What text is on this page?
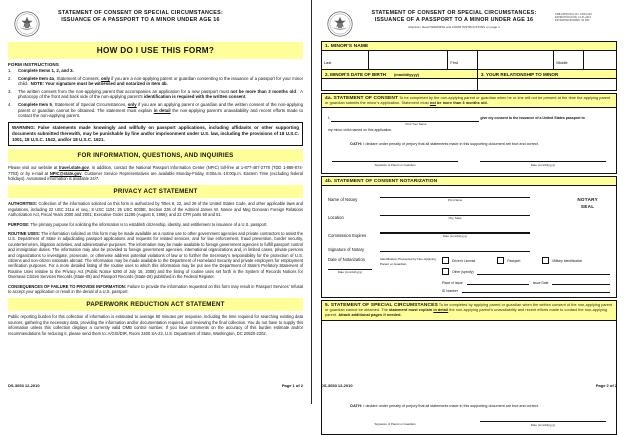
STATEMENT OF CONSENT OR SPECIAL CIRCUMSTANCES:
ISSUANCE OF A PASSPORT TO A MINOR UNDER AGE 16
HOW DO I USE THIS FORM?
FORM INSTRUCTIONS
1.	Complete Items 1, 2, and 3.
2.	Complete Item 4a, Statement of Consent, only if you are a non-applying parent or guardian consenting to the issuance of a passport for your minor child.  NOTE: Your signature must be witnessed and notarized in Item 4b.
3.	The written consent from the non-applying parent that accompanies an application for a new passport must not be more than 3 months old.  A photocopy of the front and back side of the non-applying parent's identification is required with the written consent.
4.	Complete Item 5, Statement of Special Circumstances, only if you are an applying parent or guardian and the written consent of the non-applying parent or guardian cannot be obtained. The statement must explain in detail the non-applying parent's unavailability and recent efforts made to contact the non-applying parent.
WARNING: False statements made knowingly and willfully on passport applications, including affidavits or other supporting documents submitted therewith, may be punishable by fine and/or imprisonment under U.S. law, including the provisions of 18 U.S.C. 1001, 18 U.S.C. 1542, and/or 18 U.S.C. 1621.
FOR INFORMATION, QUESTIONS, AND INQUIRIES

Please visit our website at travel.state.gov. In addition, contact the National Passport Information Center (NPIC) toll-free at 1-877-487-2778 (TDD 1-888-874-7793) or by e-mail at NPIC@state.gov. Customer Service Representatives are available Monday-Friday, 8:00a.m.-10:00p.m. Eastern Time (excluding federal holidays). Automated information is available 24/7.

PRIVACY ACT STATEMENT

AUTHORITIES: Collection of the information solicited on this form is authorized by Titles 8, 22, and 26 of the United States Code, and other applicable laws and regulations, including 22 USC 211a et seq.; 8 USC 1104; 26 USC 6039E, Section 236 of the Admiral James W. Nance and Meg Donovan Foreign Relations Authorization Act, Fiscal Years 2000 and 2001; Executive Order 11295 (August 5, 1966); and 22 CFR parts 50 and 51.

PURPOSE: The primary purpose for soliciting the information is to establish citizenship, identity, and entitlement to issuance of a U.S. passport.

ROUTINE USES: The information solicited on this form may be made available as a routine use to other government agencies and private contractors to assist the U.S. Department of State in adjudicating passport applications and requests for related services, and for law enforcement, fraud prevention, border security, counterterrorism, litigation activities, and administrative purposes. The information may be made available to foreign government agencies to fulfill passport control and immigration duties. The information may also be provided to foreign government agencies, international organizations and, in limited cases, private persons and organizations to investigate, prosecute, or otherwise address potential violations of law or to further the Secretary's responsibility for the protection of U.S. citizens and non-citizen nationals abroad. The information may be made available to the Department of Homeland Security and private employers for employment verification purposes. For a more detailed listing of the routine uses to which this information may be put see the Department of State's Prefatory Statement of Routine Uses relative to the Privacy Act (Public Notice 6290 of July 15, 2008) and the listing of routine uses set forth in the System of Records Notices for Overseas Citizen Services Records (State-05) and Passport Records (State-26) published in the Federal Register.

CONSEQUENCES OF FAILURE TO PROVIDE INFORMATION: Failure to provide the information requested on this form may result in Passport Services' refusal to accept your application or result in the denial of a U.S. passport.

PAPERWORK REDUCTION ACT STATEMENT

Public reporting burden for this collection of information is estimated to average 60 minutes per response, including the time required for searching existing data sources, gathering the necessary data, providing the information and/or documentation required, and reviewing the final collection. You do not have to supply this information unless this collection displays a currently valid OMB control number. If you have comments on the accuracy of this burden estimate and/or recommendations for reducing it, please send them to: A/GIS/DIR, Room 2400 SA-22, U.S. Department of State, Washington, DC 20520-2202.

DS-3053 12-2010	Page 1 of 2
STATEMENT OF CONSENT OR SPECIAL CIRCUMSTANCES:
ISSUANCE OF A PASSPORT TO A MINOR UNDER AGE 16
Attention: Read WARNING and FORM INSTRUCTIONS on page 1
OMB APPROVAL NO. 1405-0129
EXPIRATION DATE: 12-31-2013
ESTIMATED BURDEN: 60 MIN
1. MINOR'S NAME
Last	First	Middle
2. MINOR'S DATE OF BIRTH (mm/dd/yyyy)	3. YOUR RELATIONSHIP TO MINOR
4a. STATEMENT OF CONSENT To be completed by the non-applying parent or guardian when he or she will not be present at the time the applying parent or guardian submits the minor's application. Statement must not be more than 3 months old.
I,	give my consent to the issuance of a United States passport to
Print Your Name
my minor child named on this application.
OATH: I declare under penalty of perjury that all statements made in this supporting document are true and correct.
Signature of Parent or Guardian	Date (mm/dd/yyyy)
4b. STATEMENT OF CONSENT NOTARIZATION
NOTARY
SEAL
Name of Notary	Print Name
Location	City, State
Commission Expires	Date (mm/dd/yyyy)
Signature of Notary
Date of Notarization
Date (mm/dd/yyyy)
Identification Presented by Non-Applying Parent or Guardian
Driver's License	Passport	Military Identification
Other (specify)
Place of Issue	Issue Date
ID Number
5. STATEMENT OF SPECIAL CIRCUMSTANCES To be completed by applying parent or guardian when the written consent of the non-applying parent or guardian cannot be obtained. The statement must explain in detail the non-applying parent's unavailability and recent efforts made to contact the non-applying parent. Attach additional pages if needed.
OATH: I declare under penalty of perjury that all statements made in this supporting document are true and correct.
Signature of Parent or Guardian	Date (mm/dd/yyyy)
DS-3053 12-2010	Page 2 of 2
